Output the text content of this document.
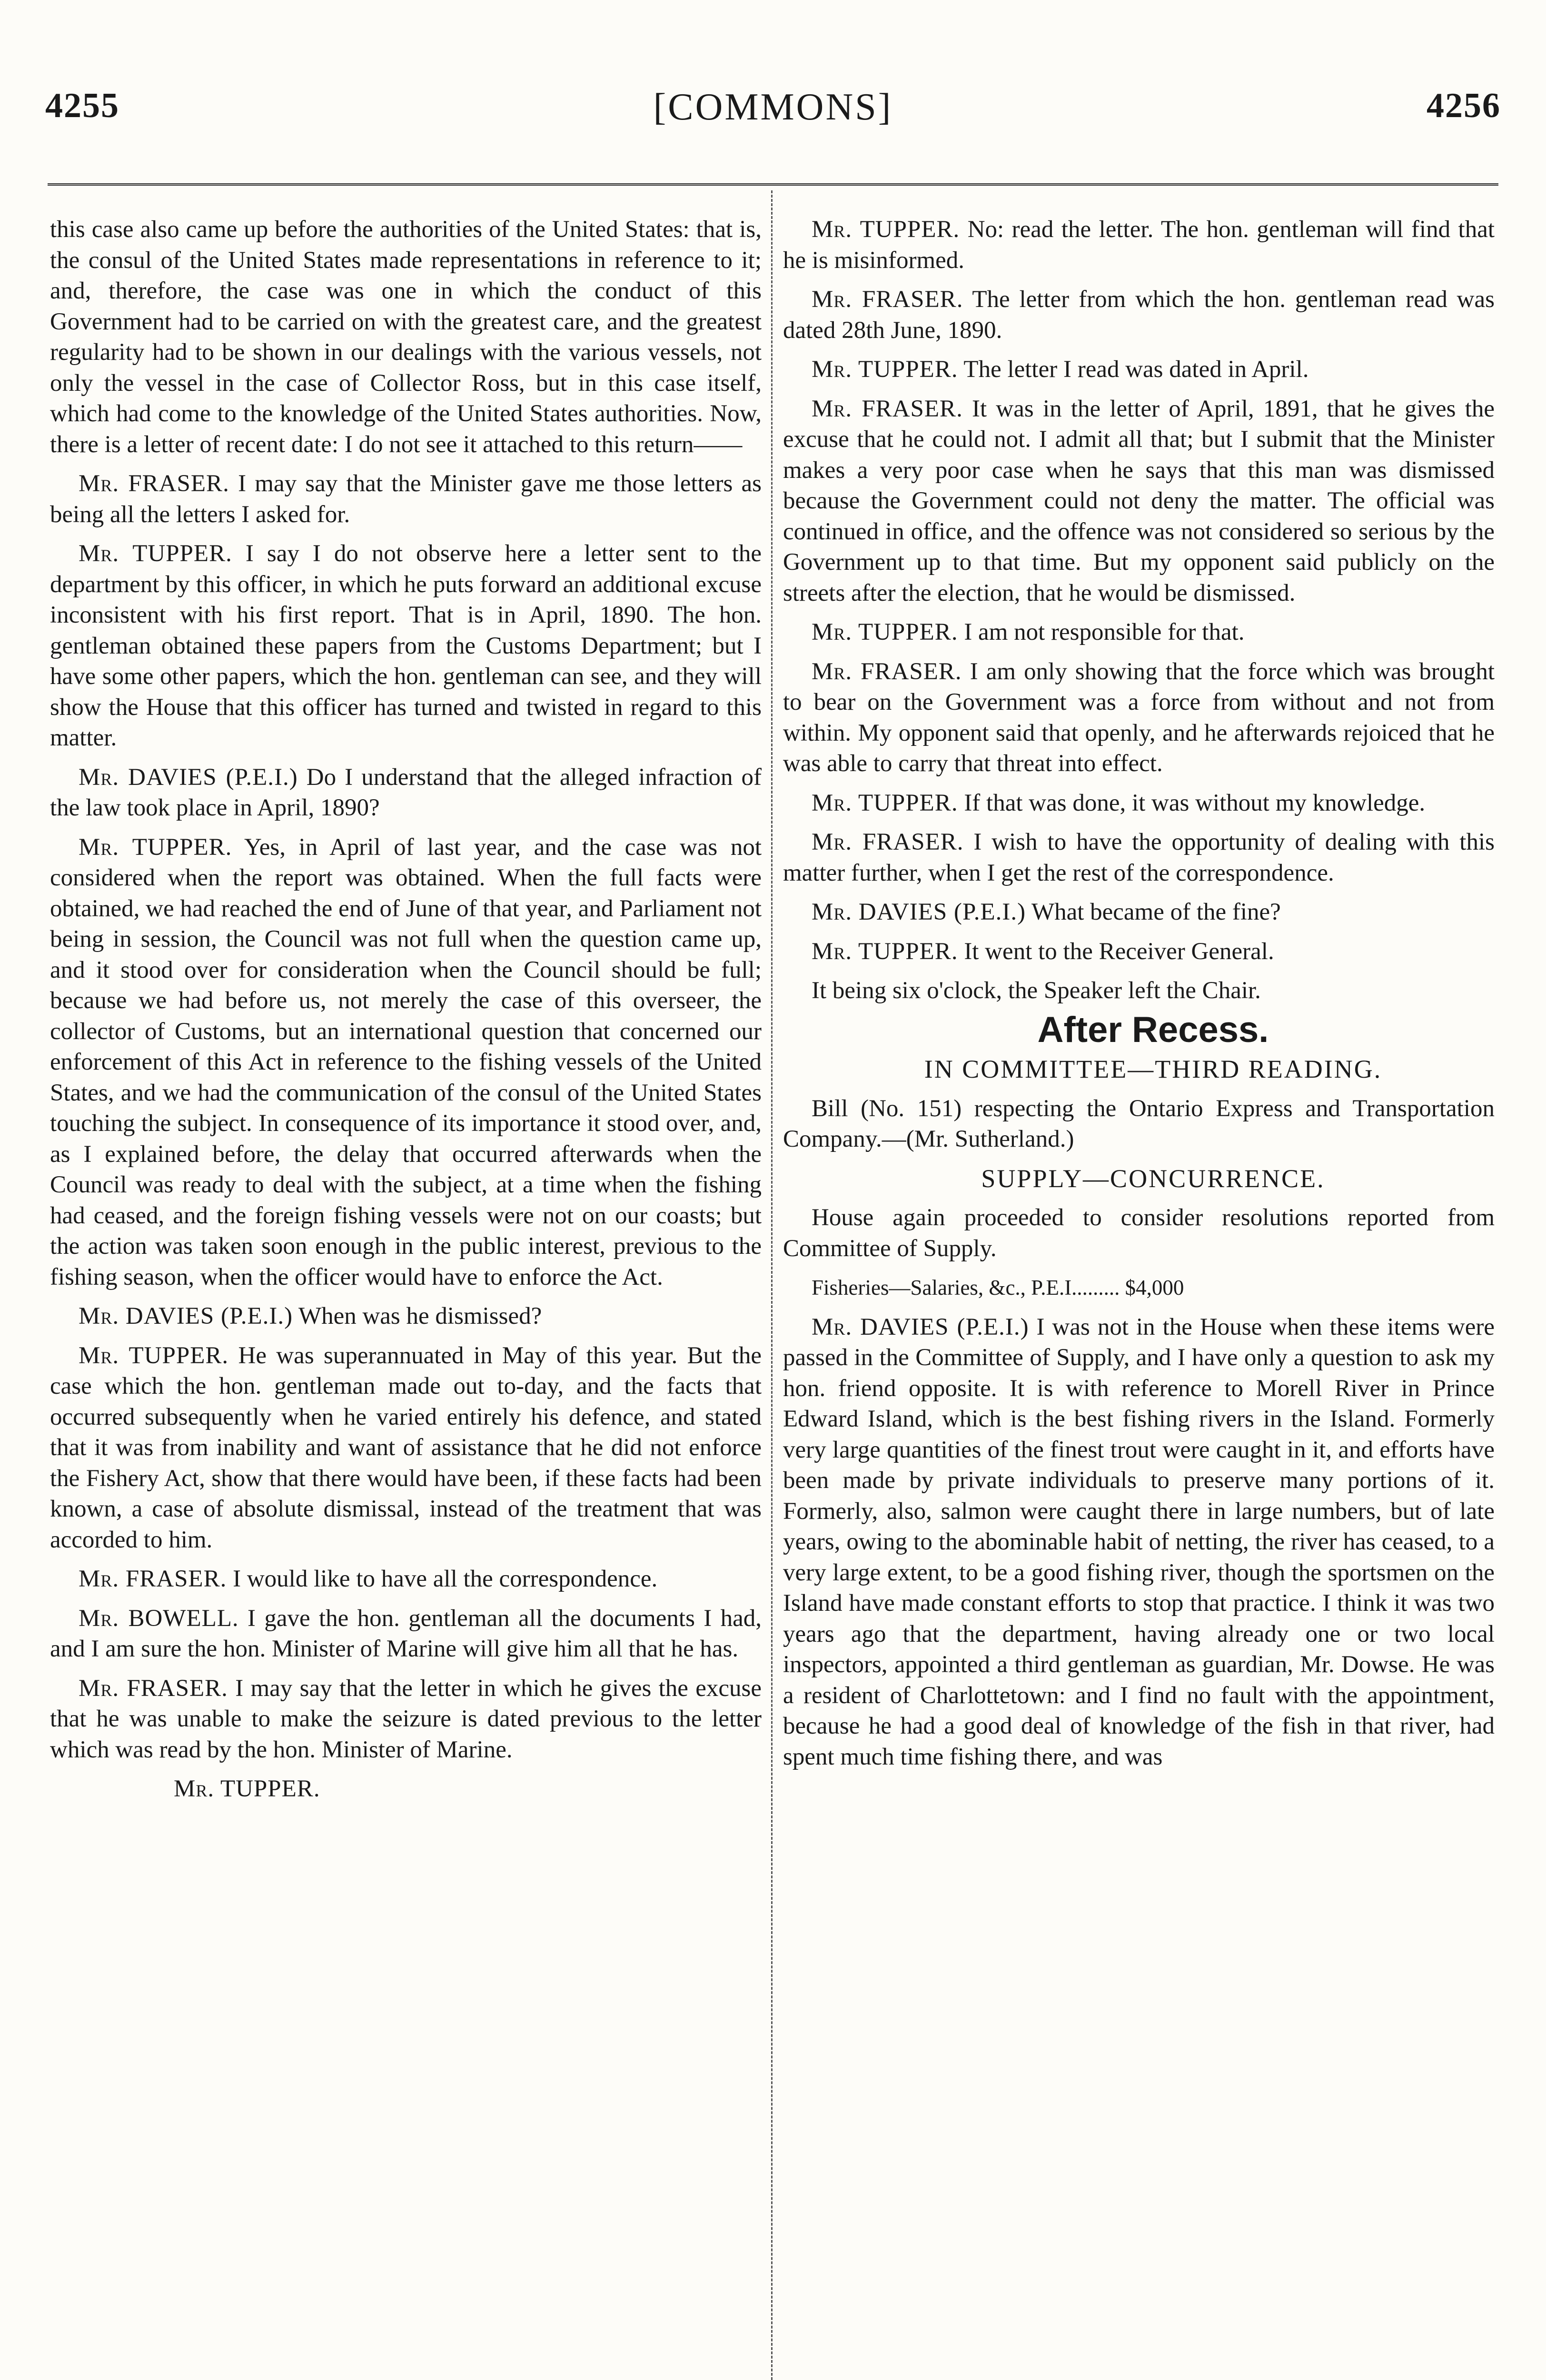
4255	[COMMONS]	4256

this case also came up before the authorities of the United States: that is, the consul of the United States made representations in reference to it; and, therefore, the case was one in which the conduct of this Government had to be carried on with the greatest care, and the greatest regularity had to be shown in our dealings with the various vessels, not only the vessel in the case of Collector Ross, but in this case itself, which had come to the knowledge of the United States authorities. Now, there is a letter of recent date: I do not see it attached to this return——

Mr. FRASER. I may say that the Minister gave me those letters as being all the letters I asked for.

Mr. TUPPER. I say I do not observe here a letter sent to the department by this officer, in which he puts forward an additional excuse inconsistent with his first report. That is in April, 1890. The hon. gentleman obtained these papers from the Customs Department; but I have some other papers, which the hon. gentleman can see, and they will show the House that this officer has turned and twisted in regard to this matter.

Mr. DAVIES (P.E.I.) Do I understand that the alleged infraction of the law took place in April, 1890?

Mr. TUPPER. Yes, in April of last year, and the case was not considered when the report was obtained. When the full facts were obtained, we had reached the end of June of that year, and Parliament not being in session, the Council was not full when the question came up, and it stood over for consideration when the Council should be full; because we had before us, not merely the case of this overseer, the collector of Customs, but an international question that concerned our enforcement of this Act in reference to the fishing vessels of the United States, and we had the communication of the consul of the United States touching the subject. In consequence of its importance it stood over, and, as I explained before, the delay that occurred afterwards when the Council was ready to deal with the subject, at a time when the fishing had ceased, and the foreign fishing vessels were not on our coasts; but the action was taken soon enough in the public interest, previous to the fishing season, when the officer would have to enforce the Act.

Mr. DAVIES (P.E.I.) When was he dismissed?

Mr. TUPPER. He was superannuated in May of this year. But the case which the hon. gentleman made out to-day, and the facts that occurred subsequently when he varied entirely his defence, and stated that it was from inability and want of assistance that he did not enforce the Fishery Act, show that there would have been, if these facts had been known, a case of absolute dismissal, instead of the treatment that was accorded to him.

Mr. FRASER. I would like to have all the correspondence.

Mr. BOWELL. I gave the hon. gentleman all the documents I had, and I am sure the hon. Minister of Marine will give him all that he has.

Mr. FRASER. I may say that the letter in which he gives the excuse that he was unable to make the seizure is dated previous to the letter which was read by the hon. Minister of Marine.

Mr. TUPPER.

Mr. TUPPER. No: read the letter. The hon. gentleman will find that he is misinformed.

Mr. FRASER. The letter from which the hon. gentleman read was dated 28th June, 1890.

Mr. TUPPER. The letter I read was dated in April.

Mr. FRASER. It was in the letter of April, 1891, that he gives the excuse that he could not. I admit all that; but I submit that the Minister makes a very poor case when he says that this man was dismissed because the Government could not deny the matter. The official was continued in office, and the offence was not considered so serious by the Government up to that time. But my opponent said publicly on the streets after the election, that he would be dismissed.

Mr. TUPPER. I am not responsible for that.

Mr. FRASER. I am only showing that the force which was brought to bear on the Government was a force from without and not from within. My opponent said that openly, and he afterwards rejoiced that he was able to carry that threat into effect.

Mr. TUPPER. If that was done, it was without my knowledge.

Mr. FRASER. I wish to have the opportunity of dealing with this matter further, when I get the rest of the correspondence.

Mr. DAVIES (P.E.I.) What became of the fine?

Mr. TUPPER. It went to the Receiver General.

It being six o'clock, the Speaker left the Chair.

After Recess.

IN COMMITTEE—THIRD READING.

Bill (No. 151) respecting the Ontario Express and Transportation Company.—(Mr. Sutherland.)

SUPPLY—CONCURRENCE.

House again proceeded to consider resolutions reported from Committee of Supply.

Fisheries—Salaries, &c., P.E.I......... $4,000

Mr. DAVIES (P.E.I.) I was not in the House when these items were passed in the Committee of Supply, and I have only a question to ask my hon. friend opposite. It is with reference to Morell River in Prince Edward Island, which is the best fishing rivers in the Island. Formerly very large quantities of the finest trout were caught in it, and efforts have been made by private individuals to preserve many portions of it. Formerly, also, salmon were caught there in large numbers, but of late years, owing to the abominable habit of netting, the river has ceased, to a very large extent, to be a good fishing river, though the sportsmen on the Island have made constant efforts to stop that practice. I think it was two years ago that the department, having already one or two local inspectors, appointed a third gentleman as guardian, Mr. Dowse. He was a resident of Charlottetown: and I find no fault with the appointment, because he had a good deal of knowledge of the fish in that river, had spent much time fishing there, and was
